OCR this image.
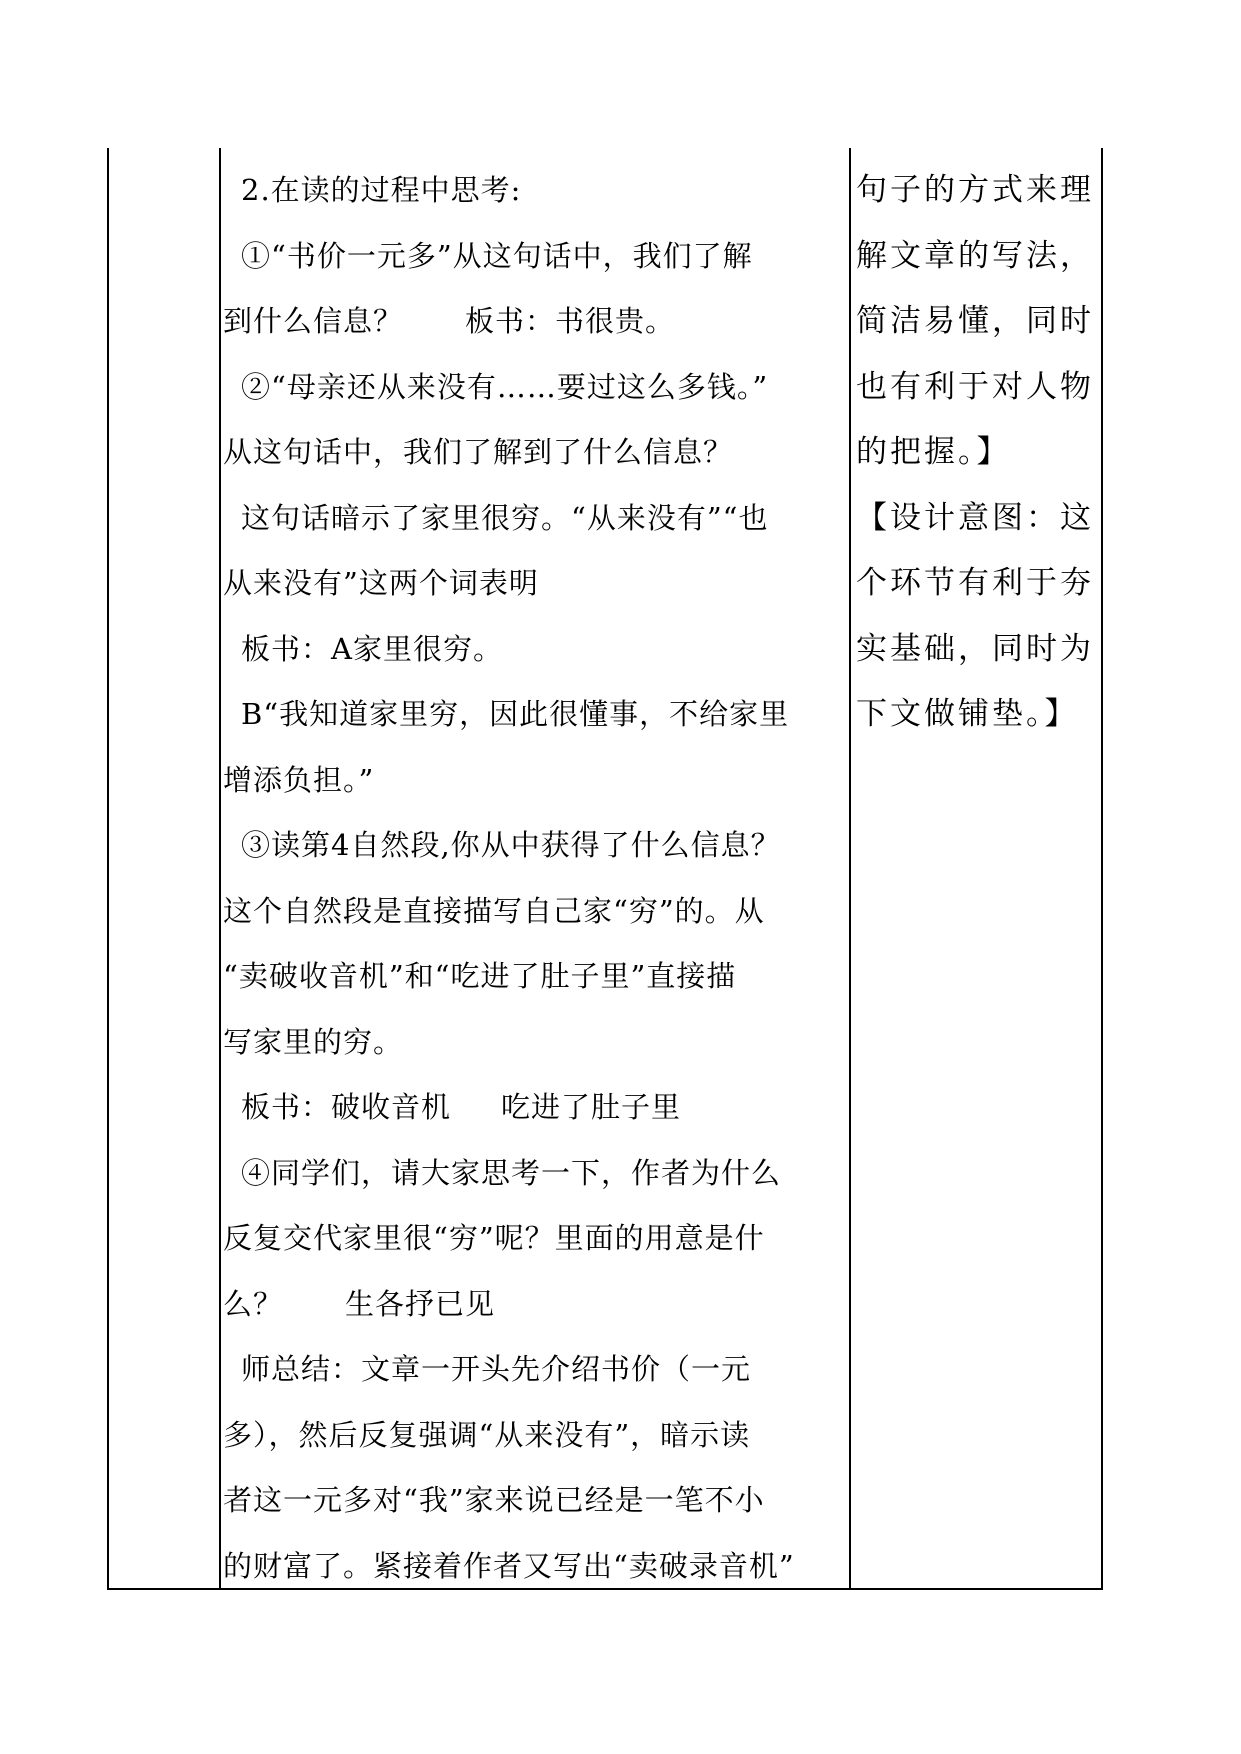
2.在读的过程中思考:
①“书价一元多”从这句话中，我们了解
到什么信息？ 板书：书很贵。
②“母亲还从来没有……要过这么多钱。”
从这句话中，我们了解到了什么信息？
这句话暗示了家里很穷。“从来没有”“也
从来没有”这两个词表明
板书：A家里很穷。
B“我知道家里穷，因此很懂事，不给家里
增添负担。”
③读第4自然段,你从中获得了什么信息？
这个自然段是直接描写自己家“穷”的。从
“卖破收音机”和“吃进了肚子里”直接描
写家里的穷。
板书：破收音机 吃进了肚子里
④同学们，请大家思考一下，作者为什么
反复交代家里很“穷”呢？里面的用意是什
么？ 生各抒已见
师总结：文章一开头先介绍书价（一元
多），然后反复强调“从来没有”，暗示读
者这一元多对“我”家来说已经是一笔不小
的财富了。紧接着作者又写出“卖破录音机”
句子的方式来理
解文章的写法，
简洁易懂，同时
也有利于对人物
的把握。】
【设计意图：这
个环节有利于夯
实基础，同时为
下文做铺垫。】
